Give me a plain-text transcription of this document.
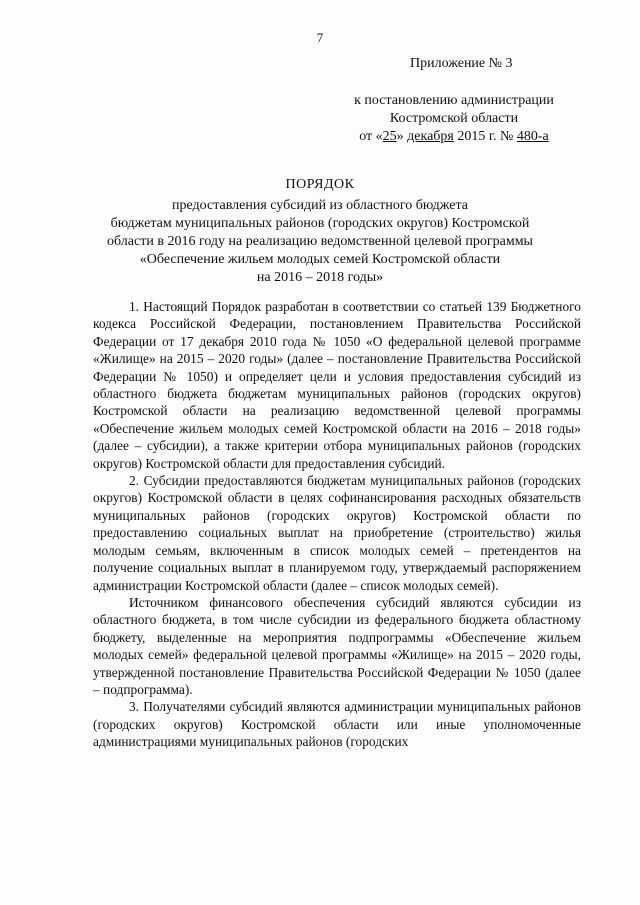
7
Приложение № 3
к постановлению администрации
Костромской области
от «25» декабря 2015 г. № 480-а
ПОРЯДОК
предоставления субсидий из областного бюджета
бюджетам муниципальных районов (городских округов) Костромской
области в 2016 году на реализацию ведомственной целевой программы
«Обеспечение жильем молодых семей Костромской области
на 2016 – 2018 годы»

1. Настоящий Порядок разработан в соответствии со статьей 139 Бюджетного кодекса Российской Федерации, постановлением Правительства Российской Федерации от 17 декабря 2010 года № 1050 «О федеральной целевой программе «Жилище» на 2015 – 2020 годы» (далее – постановление Правительства Российской Федерации № 1050) и определяет цели и условия предоставления субсидий из областного бюджета бюджетам муниципальных районов (городских округов) Костромской области на реализацию ведомственной целевой программы «Обеспечение жильем молодых семей Костромской области на 2016 – 2018 годы» (далее – субсидии), а также критерии отбора муниципальных районов (городских округов) Костромской области для предоставления субсидий.

2. Субсидии предоставляются бюджетам муниципальных районов (городских округов) Костромской области в целях софинансирования расходных обязательств муниципальных районов (городских округов) Костромской области по предоставлению социальных выплат на приобретение (строительство) жилья молодым семьям, включенным в список молодых семей – претендентов на получение социальных выплат в планируемом году, утверждаемый распоряжением администрации Костромской области (далее – список молодых семей).

Источником финансового обеспечения субсидий являются субсидии из областного бюджета, в том числе субсидии из федерального бюджета областному бюджету, выделенные на мероприятия подпрограммы «Обеспечение жильем молодых семей» федеральной целевой программы «Жилище» на 2015 – 2020 годы, утвержденной постановление Правительства Российской Федерации № 1050 (далее – подпрограмма).

3. Получателями субсидий являются администрации муниципальных районов (городских округов) Костромской области или иные уполномоченные администрациями муниципальных районов (городских
